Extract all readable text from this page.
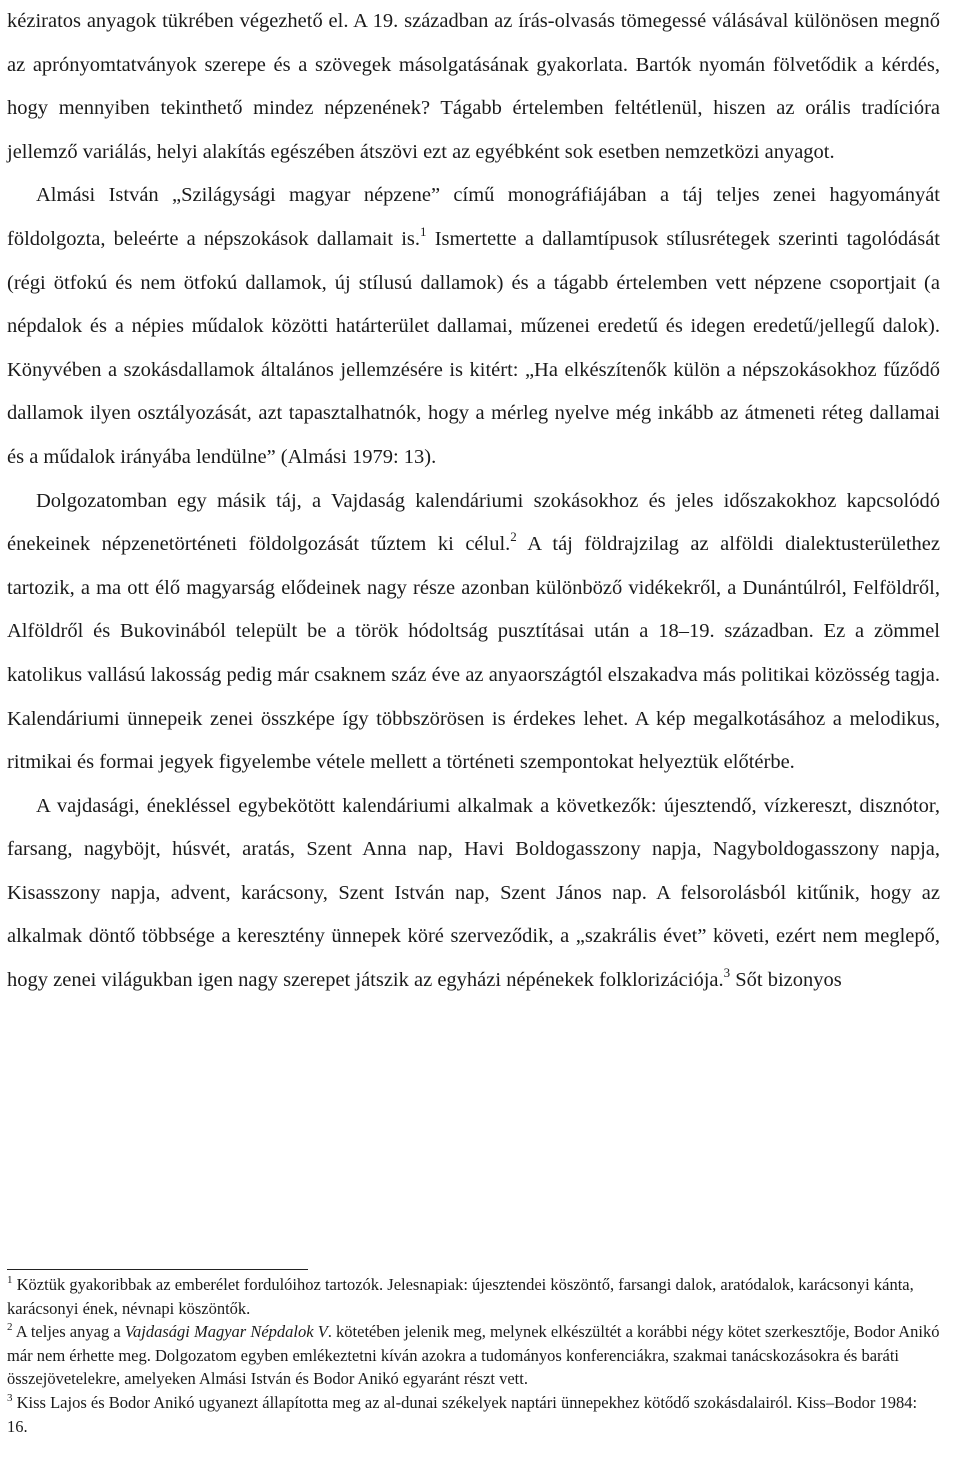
kéziratos anyagok tükrében végezhető el. A 19. században az írás-olvasás tömegessé válásával különösen megnő az aprónyomtatványok szerepe és a szövegek másolgatásának gyakorlata. Bartók nyomán fölvetődik a kérdés, hogy mennyiben tekinthető mindez népzenének? Tágabb értelemben feltétlenül, hiszen az orális tradícióra jellemző variálás, helyi alakítás egészében átszövi ezt az egyébként sok esetben nemzetközi anyagot.

Almási István „Szilágysági magyar népzene” című monográfiájában a táj teljes zenei hagyományát földolgozta, beleérte a népszokások dallamait is.$^1$ Ismertette a dallamtípusok stílusrétegek szerinti tagolódását (régi ötfokú és nem ötfokú dallamok, új stílusú dallamok) és a tágabb értelemben vett népzene csoportjait (a népdalok és a népies műdalok közötti határterület dallamai, műzenei eredetű és idegen eredetű/jellegű dalok). Könyvében a szokásdallamok általános jellemzésére is kitért: „Ha elkészítenők külön a népszokásokhoz fűződő dallamok ilyen osztályozását, azt tapasztalhatnók, hogy a mérleg nyelve még inkább az átmeneti réteg dallamai és a műdalok irányába lendülne” (Almási 1979: 13).

Dolgozatomban egy másik táj, a Vajdaság kalendáriumi szokásokhoz és jeles időszakokhoz kapcsolódó énekeinek népzenetörténeti földolgozását tűztem ki célul.$^2$ A táj földrajzilag az alföldi dialektusterülethez tartozik, a ma ott élő magyarság elődeinek nagy része azonban különböző vidékekről, a Dunántúlról, Felföldről, Alföldről és Bukovinából települt be a török hódoltság pusztításai után a 18–19. században. Ez a zömmel katolikus vallású lakosság pedig már csaknem száz éve az anyaországtól elszakadva más politikai közösség tagja. Kalendáriumi ünnepeik zenei összképe így többszörösen is érdekes lehet. A kép megalkotásához a melodikus, ritmikai és formai jegyek figyelembe vétele mellett a történeti szempontokat helyeztük előtérbe.

A vajdasági, énekléssel egybekötött kalendáriumi alkalmak a következők: újesztendő, vízkereszt, disznótor, farsang, nagyböjt, húsvét, aratás, Szent Anna nap, Havi Boldogasszony napja, Nagyboldogasszony napja, Kisasszony napja, advent, karácsony, Szent István nap, Szent János nap. A felsorolásból kitűnik, hogy az alkalmak döntő többsége a keresztény ünnepek köré szerveződik, a „szakrális évet” követi, ezért nem meglepő, hogy zenei világukban igen nagy szerepet játszik az egyházi népénekek folklorizációja.$^3$ Sőt bizonyos

$^1$ Köztük gyakoribbak az emberélet fordulóihoz tartozók. Jelesnapiak: újesztendei köszöntő, farsangi dalok, aratódalok, karácsonyi kánta, karácsonyi ének, névnapi köszöntők.

$^2$ A teljes anyag a Vajdasági Magyar Népdalok V. kötetében jelenik meg, melynek elkészültét a korábbi négy kötet szerkesztője, Bodor Anikó már nem érhette meg. Dolgozatom egyben emlékeztetni kíván azokra a tudományos konferenciákra, szakmai tanácskozásokra és baráti összejövetelekre, amelyeken Almási István és Bodor Anikó egyaránt részt vett.

$^3$ Kiss Lajos és Bodor Anikó ugyanezt állapította meg az al-dunai székelyek naptári ünnepekhez kötődő szokásdalairól. Kiss–Bodor 1984: 16.
